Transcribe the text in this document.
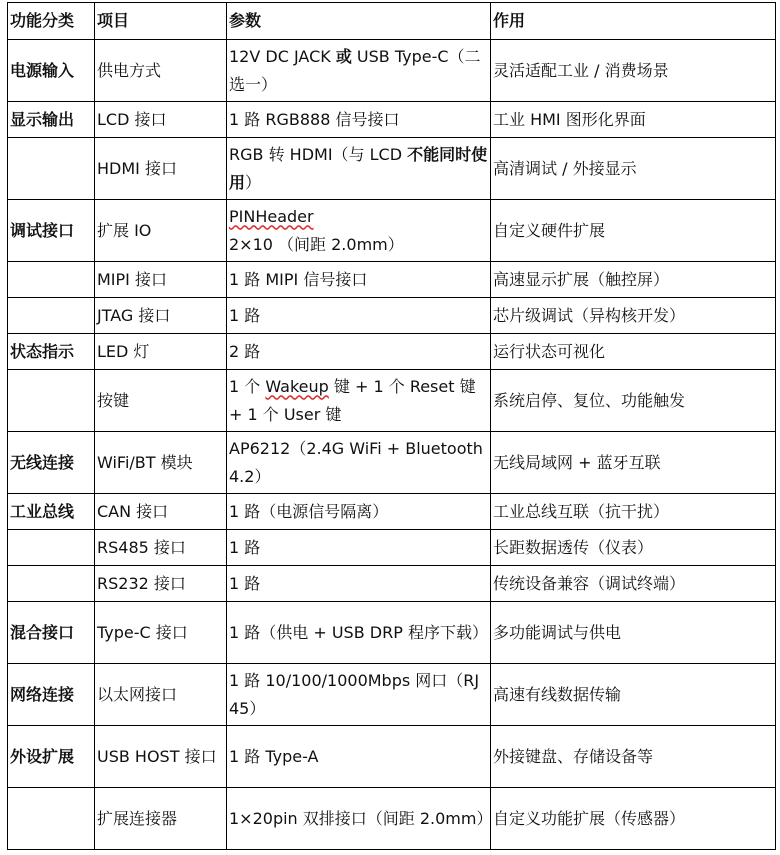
功能分类	项目	参数	作用
电源输入	供电方式	12V DC JACK 或 USB Type-C（二选一）	灵活适配工业 / 消费场景
显示输出	LCD 接口	1 路 RGB888 信号接口	工业 HMI 图形化界面
	HDMI 接口	RGB 转 HDMI（与 LCD 不能同时使用）	高清调试 / 外接显示
调试接口	扩展 IO	PINHeader 2×10 （间距 2.0mm）	自定义硬件扩展
	MIPI 接口	1 路 MIPI 信号接口	高速显示扩展（触控屏）
	JTAG 接口	1 路	芯片级调试（异构核开发）
状态指示	LED 灯	2 路	运行状态可视化
	按键	1 个 Wakeup 键 + 1 个 Reset 键 + 1 个 User 键	系统启停、复位、功能触发
无线连接	WiFi/BT 模块	AP6212（2.4G WiFi + Bluetooth 4.2）	无线局域网 + 蓝牙互联
工业总线	CAN 接口	1 路（电源信号隔离）	工业总线互联（抗干扰）
	RS485 接口	1 路	长距数据透传（仪表）
	RS232 接口	1 路	传统设备兼容（调试终端）
混合接口	Type-C 接口	1 路（供电 + USB DRP 程序下载）	多功能调试与供电
网络连接	以太网接口	1 路 10/100/1000Mbps 网口（RJ45）	高速有线数据传输
外设扩展	USB HOST 接口	1 路 Type-A	外接键盘、存储设备等
	扩展连接器	1×20pin 双排接口（间距 2.0mm）	自定义功能扩展（传感器）
